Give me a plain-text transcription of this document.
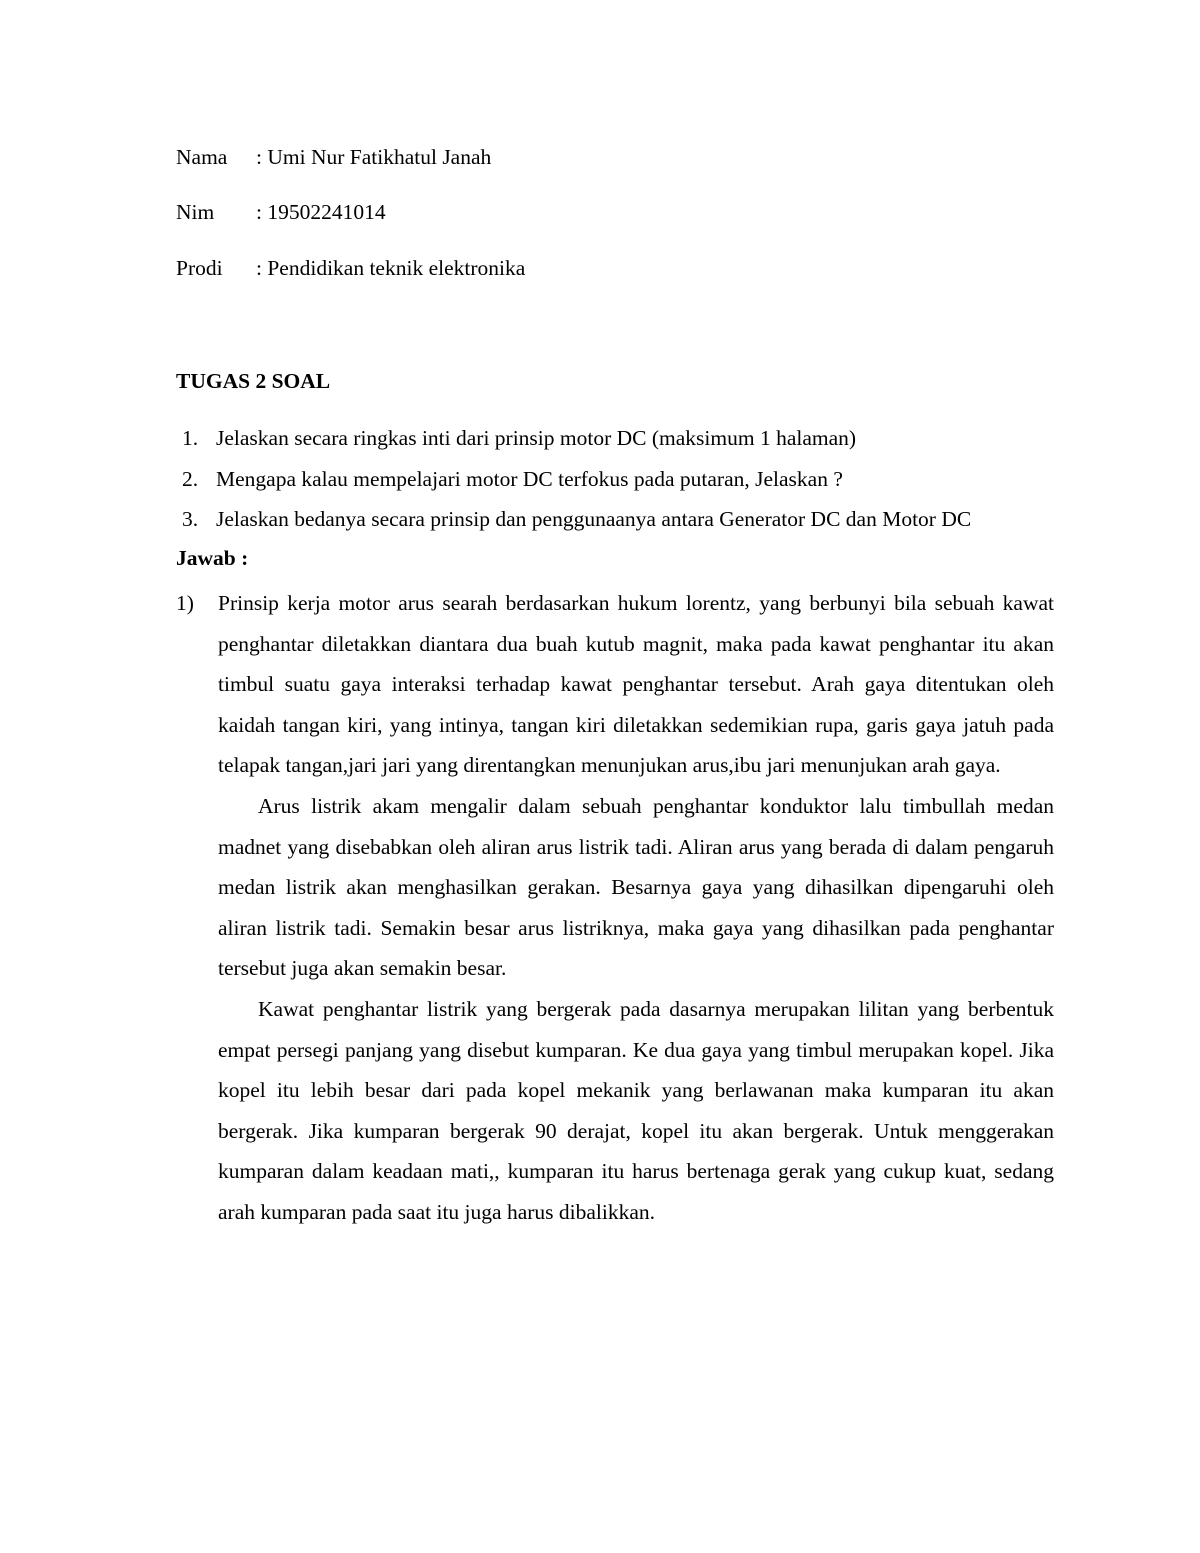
Nama : Umi Nur Fatikhatul Janah
Nim : 19502241014
Prodi : Pendidikan teknik elektronika
TUGAS 2 SOAL
1. Jelaskan secara ringkas inti dari prinsip motor DC (maksimum 1 halaman)
2. Mengapa kalau mempelajari motor DC terfokus pada putaran, Jelaskan ?
3. Jelaskan bedanya secara prinsip dan penggunaanya antara Generator DC dan Motor DC
Jawab :
1) Prinsip kerja motor arus searah berdasarkan hukum lorentz, yang berbunyi bila sebuah kawat penghantar diletakkan diantara dua buah kutub magnit, maka pada kawat penghantar itu akan timbul suatu gaya interaksi terhadap kawat penghantar tersebut. Arah gaya ditentukan oleh kaidah tangan kiri, yang intinya, tangan kiri diletakkan sedemikian rupa, garis gaya jatuh pada telapak tangan,jari jari yang direntangkan menunjukan arus,ibu jari menunjukan arah gaya.

Arus listrik akam mengalir dalam sebuah penghantar konduktor lalu timbullah medan madnet yang disebabkan oleh aliran arus listrik tadi. Aliran arus yang berada di dalam pengaruh medan listrik akan menghasilkan gerakan. Besarnya gaya yang dihasilkan dipengaruhi oleh aliran listrik tadi. Semakin besar arus listriknya, maka gaya yang dihasilkan pada penghantar tersebut juga akan semakin besar.

Kawat penghantar listrik yang bergerak pada dasarnya merupakan lilitan yang berbentuk empat persegi panjang yang disebut kumparan. Ke dua gaya yang timbul merupakan kopel. Jika kopel itu lebih besar dari pada kopel mekanik yang berlawanan maka kumparan itu akan bergerak. Jika kumparan bergerak 90 derajat, kopel itu akan bergerak. Untuk menggerakan kumparan dalam keadaan mati,, kumparan itu harus bertenaga gerak yang cukup kuat, sedang arah kumparan pada saat itu juga harus dibalikkan.
